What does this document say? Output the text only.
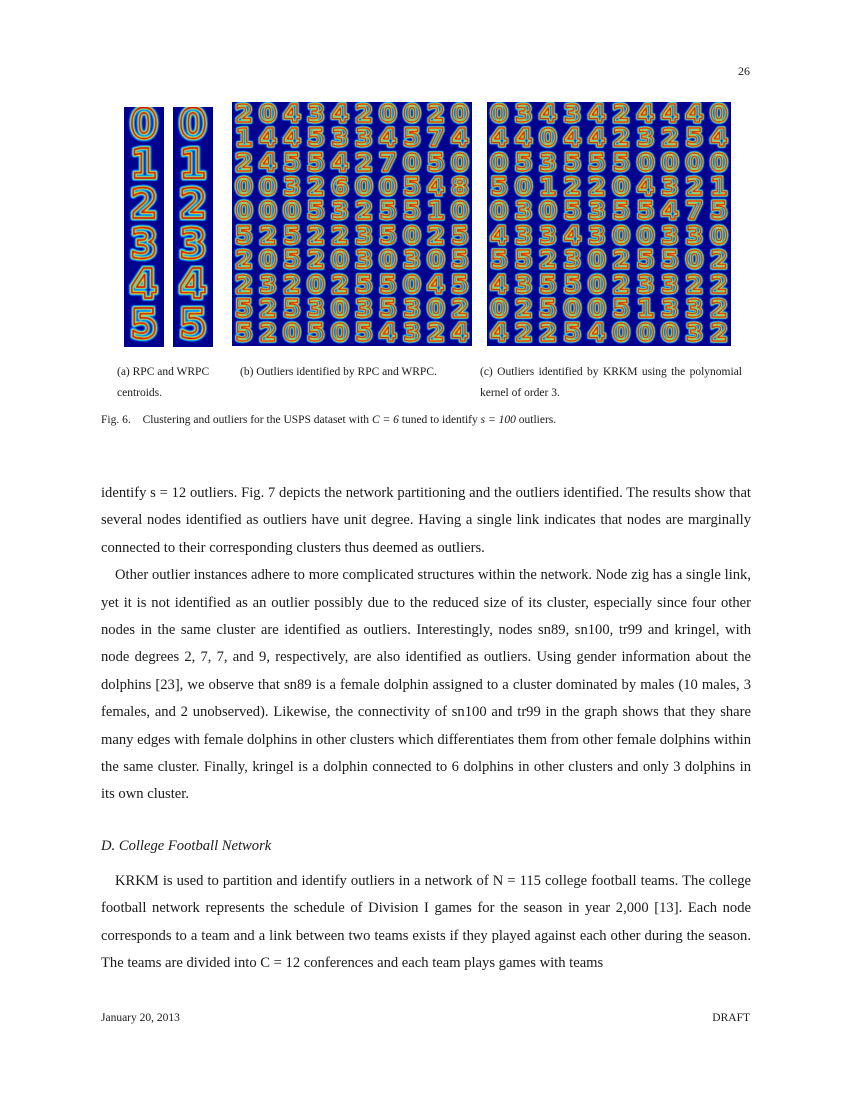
26
(a) RPC and WRPC centroids.
(b) Outliers identified by RPC and WRPC.	(c) Outliers identified by KRKM using the polynomial kernel of order 3.
Fig. 6. Clustering and outliers for the USPS dataset with C = 6 tuned to identify s = 100 outliers.

identify s = 12 outliers. Fig. 7 depicts the network partitioning and the outliers identified. The results show that several nodes identified as outliers have unit degree. Having a single link indicates that nodes are marginally connected to their corresponding clusters thus deemed as outliers.

Other outlier instances adhere to more complicated structures within the network. Node zig has a single link, yet it is not identified as an outlier possibly due to the reduced size of its cluster, especially since four other nodes in the same cluster are identified as outliers. Interestingly, nodes sn89, sn100, tr99 and kringel, with node degrees 2, 7, 7, and 9, respectively, are also identified as outliers. Using gender information about the dolphins [23], we observe that sn89 is a female dolphin assigned to a cluster dominated by males (10 males, 3 females, and 2 unobserved). Likewise, the connectivity of sn100 and tr99 in the graph shows that they share many edges with female dolphins in other clusters which differentiates them from other female dolphins within the same cluster. Finally, kringel is a dolphin connected to 6 dolphins in other clusters and only 3 dolphins in its own cluster.

D. College Football Network

KRKM is used to partition and identify outliers in a network of N = 115 college football teams. The college football network represents the schedule of Division I games for the season in year 2,000 [13]. Each node corresponds to a team and a link between two teams exists if they played against each other during the season. The teams are divided into C = 12 conferences and each team plays games with teams

January 20, 2013	DRAFT
